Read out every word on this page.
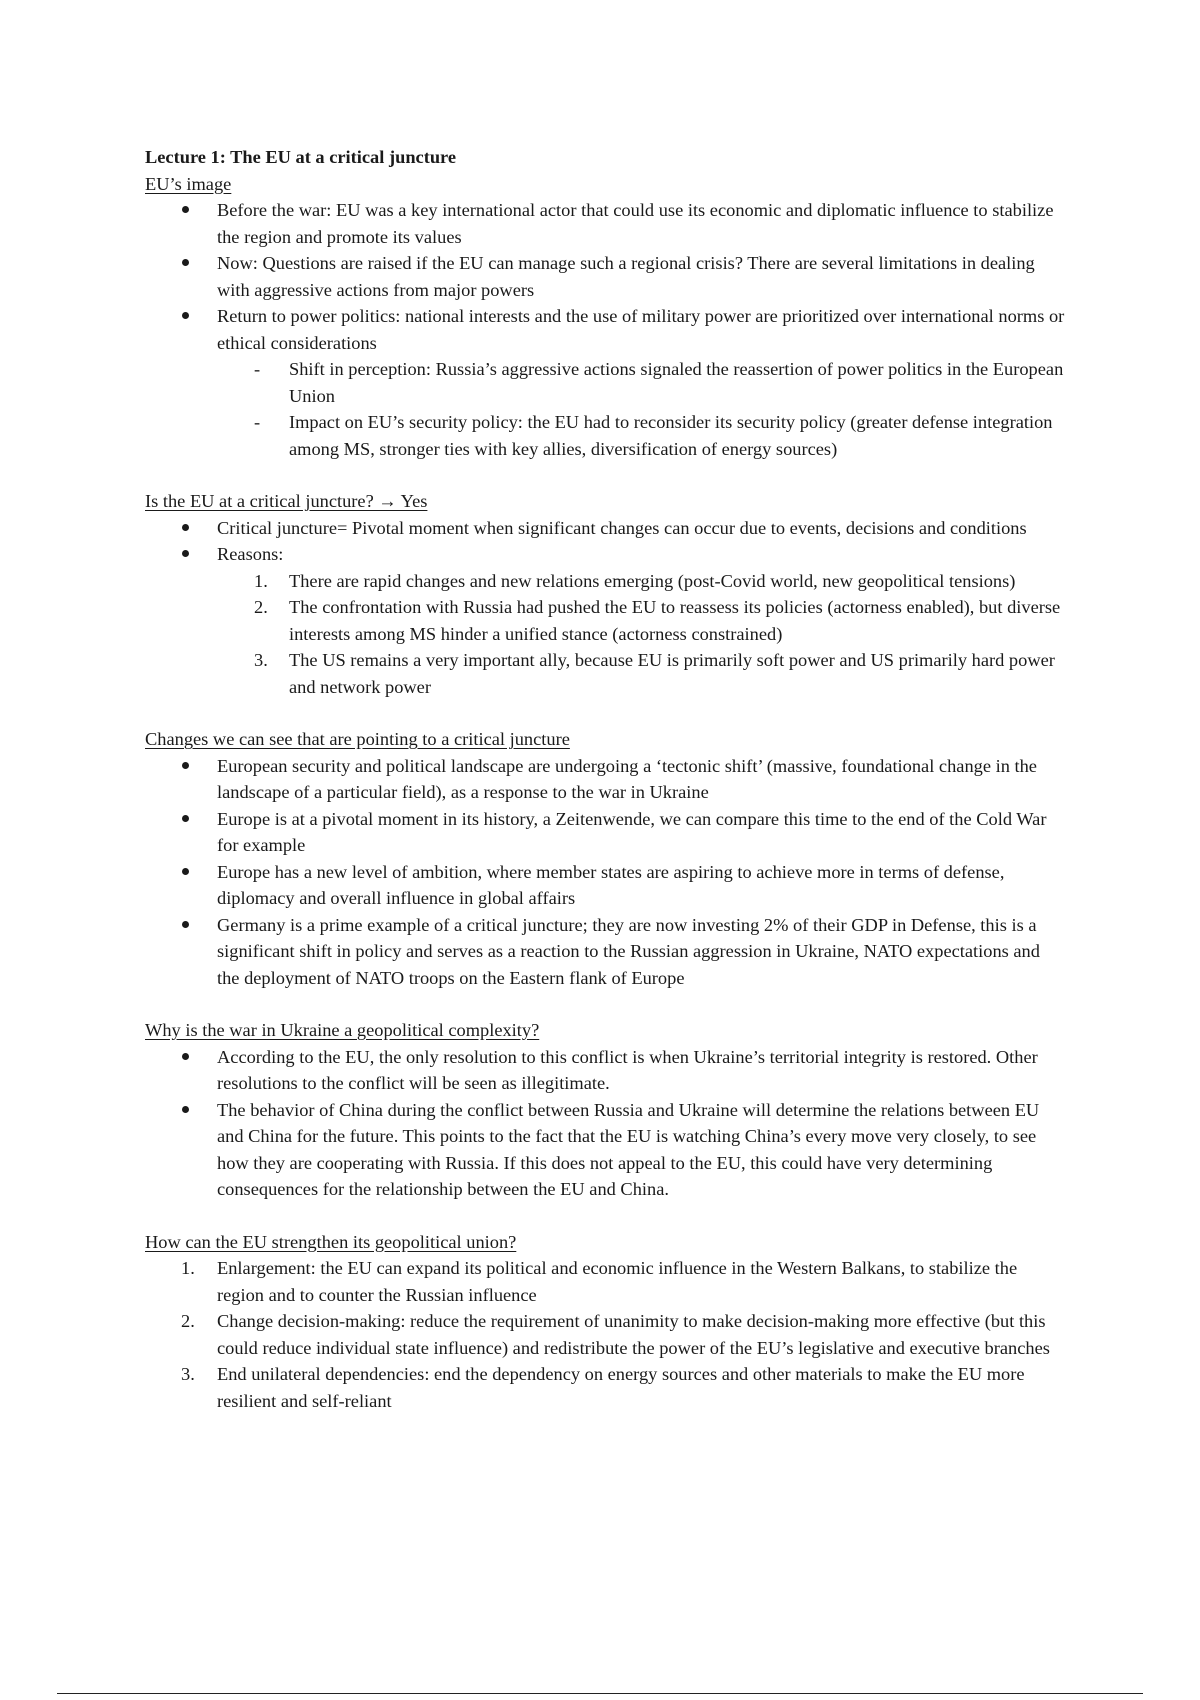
Lecture 1: The EU at a critical juncture

EU’s image

Before the war: EU was a key international actor that could use its economic and diplomatic influence to stabilize the region and promote its values
Now: Questions are raised if the EU can manage such a regional crisis? There are several limitations in dealing with aggressive actions from major powers
Return to power politics: national interests and the use of military power are prioritized over international norms or ethical considerations
- Shift in perception: Russia’s aggressive actions signaled the reassertion of power politics in the European Union
- Impact on EU’s security policy: the EU had to reconsider its security policy (greater defense integration among MS, stronger ties with key allies, diversification of energy sources)

Is the EU at a critical juncture? → Yes

Critical juncture= Pivotal moment when significant changes can occur due to events, decisions and conditions
Reasons:
1. There are rapid changes and new relations emerging (post-Covid world, new geopolitical tensions)
2. The confrontation with Russia had pushed the EU to reassess its policies (actorness enabled), but diverse interests among MS hinder a unified stance (actorness constrained)
3. The US remains a very important ally, because EU is primarily soft power and US primarily hard power and network power

Changes we can see that are pointing to a critical juncture

European security and political landscape are undergoing a ‘tectonic shift’ (massive, foundational change in the landscape of a particular field), as a response to the war in Ukraine
Europe is at a pivotal moment in its history, a Zeitenwende, we can compare this time to the end of the Cold War for example
Europe has a new level of ambition, where member states are aspiring to achieve more in terms of defense, diplomacy and overall influence in global affairs
Germany is a prime example of a critical juncture; they are now investing 2% of their GDP in Defense, this is a significant shift in policy and serves as a reaction to the Russian aggression in Ukraine, NATO expectations and the deployment of NATO troops on the Eastern flank of Europe

Why is the war in Ukraine a geopolitical complexity?

According to the EU, the only resolution to this conflict is when Ukraine’s territorial integrity is restored. Other resolutions to the conflict will be seen as illegitimate.
The behavior of China during the conflict between Russia and Ukraine will determine the relations between EU and China for the future. This points to the fact that the EU is watching China’s every move very closely, to see how they are cooperating with Russia. If this does not appeal to the EU, this could have very determining consequences for the relationship between the EU and China.

How can the EU strengthen its geopolitical union?

1. Enlargement: the EU can expand its political and economic influence in the Western Balkans, to stabilize the region and to counter the Russian influence
2. Change decision-making: reduce the requirement of unanimity to make decision-making more effective (but this could reduce individual state influence) and redistribute the power of the EU’s legislative and executive branches
3. End unilateral dependencies: end the dependency on energy sources and other materials to make the EU more resilient and self-reliant
